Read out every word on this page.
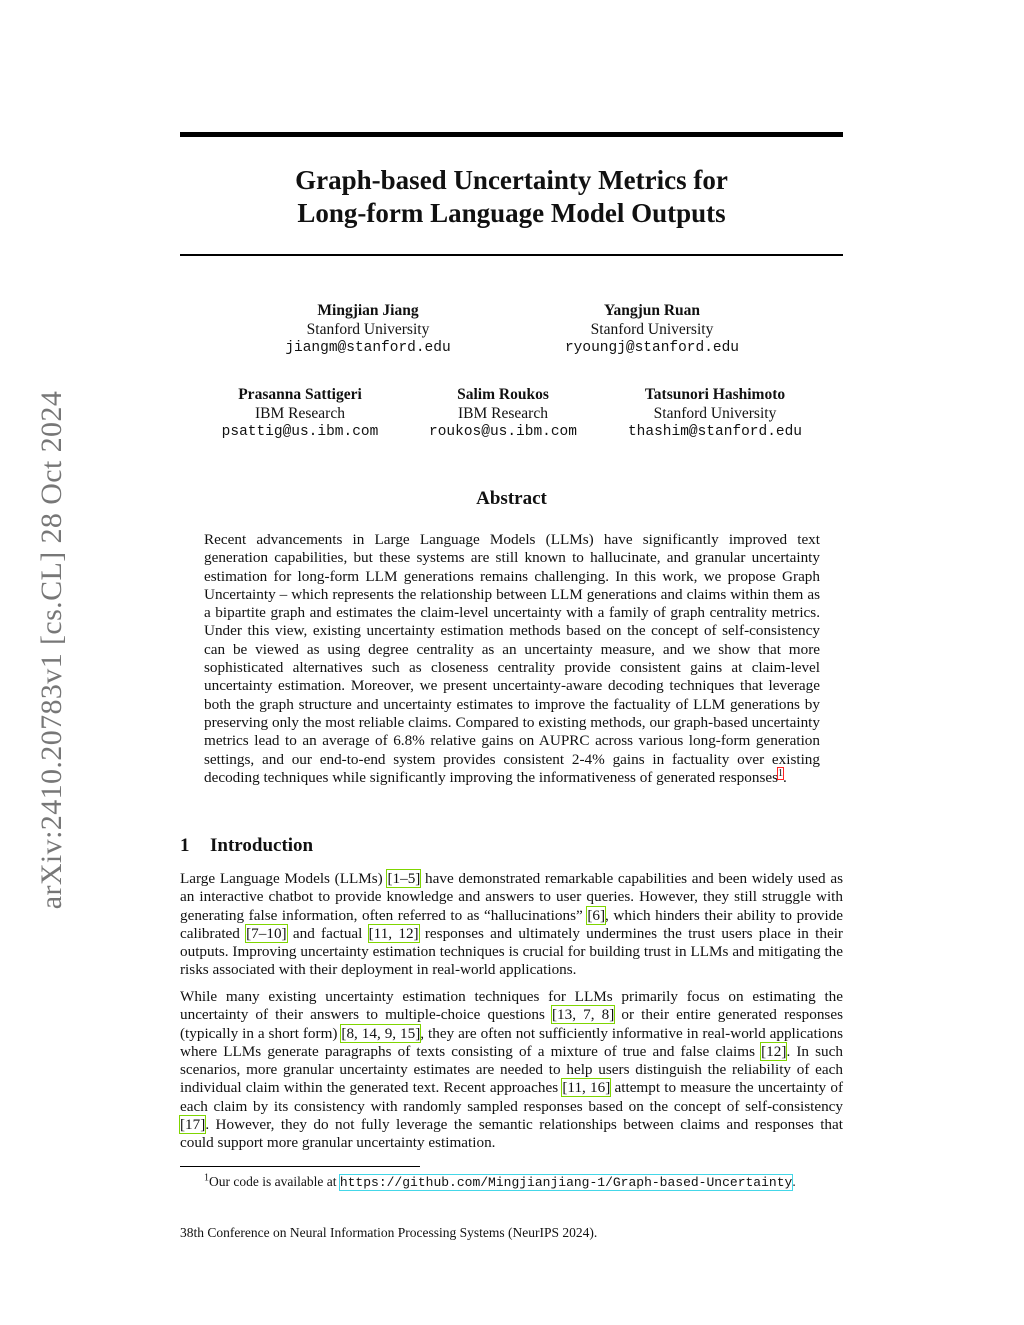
arXiv:2410.20783v1 [cs.CL] 28 Oct 2024
Graph-based Uncertainty Metrics for
Long-form Language Model Outputs
Mingjian Jiang
Stanford University
jiangm@stanford.edu
Yangjun Ruan
Stanford University
ryoungj@stanford.edu
Prasanna Sattigeri
IBM Research
psattig@us.ibm.com
Salim Roukos
IBM Research
roukos@us.ibm.com
Tatsunori Hashimoto
Stanford University
thashim@stanford.edu
Abstract
Recent advancements in Large Language Models (LLMs) have significantly improved text generation capabilities, but these systems are still known to hallucinate, and granular uncertainty estimation for long-form LLM generations remains challenging. In this work, we propose Graph Uncertainty – which represents the relationship between LLM generations and claims within them as a bipartite graph and estimates the claim-level uncertainty with a family of graph centrality metrics. Under this view, existing uncertainty estimation methods based on the concept of self-consistency can be viewed as using degree centrality as an uncertainty measure, and we show that more sophisticated alternatives such as closeness centrality provide consistent gains at claim-level uncertainty estimation. Moreover, we present uncertainty-aware decoding techniques that leverage both the graph structure and uncertainty estimates to improve the factuality of LLM generations by preserving only the most reliable claims. Compared to existing methods, our graph-based uncertainty metrics lead to an average of 6.8% relative gains on AUPRC across various long-form generation settings, and our end-to-end system provides consistent 2-4% gains in factuality over existing decoding techniques while significantly improving the informativeness of generated responses$^1$.
1 Introduction

Large Language Models (LLMs) [1–5] have demonstrated remarkable capabilities and been widely used as an interactive chatbot to provide knowledge and answers to user queries. However, they still struggle with generating false information, often referred to as “hallucinations” [6], which hinders their ability to provide calibrated [7–10] and factual [11, 12] responses and ultimately undermines the trust users place in their outputs. Improving uncertainty estimation techniques is crucial for building trust in LLMs and mitigating the risks associated with their deployment in real-world applications.

While many existing uncertainty estimation techniques for LLMs primarily focus on estimating the uncertainty of their answers to multiple-choice questions [13, 7, 8] or their entire generated responses (typically in a short form) [8, 14, 9, 15], they are often not sufficiently informative in real-world applications where LLMs generate paragraphs of texts consisting of a mixture of true and false claims [12]. In such scenarios, more granular uncertainty estimates are needed to help users distinguish the reliability of each individual claim within the generated text. Recent approaches [11, 16] attempt to measure the uncertainty of each claim by its consistency with randomly sampled responses based on the concept of self-consistency [17]. However, they do not fully leverage the semantic relationships between claims and responses that could support more granular uncertainty estimation.

$^1$Our code is available at https://github.com/Mingjianjiang-1/Graph-based-Uncertainty.
38th Conference on Neural Information Processing Systems (NeurIPS 2024).
